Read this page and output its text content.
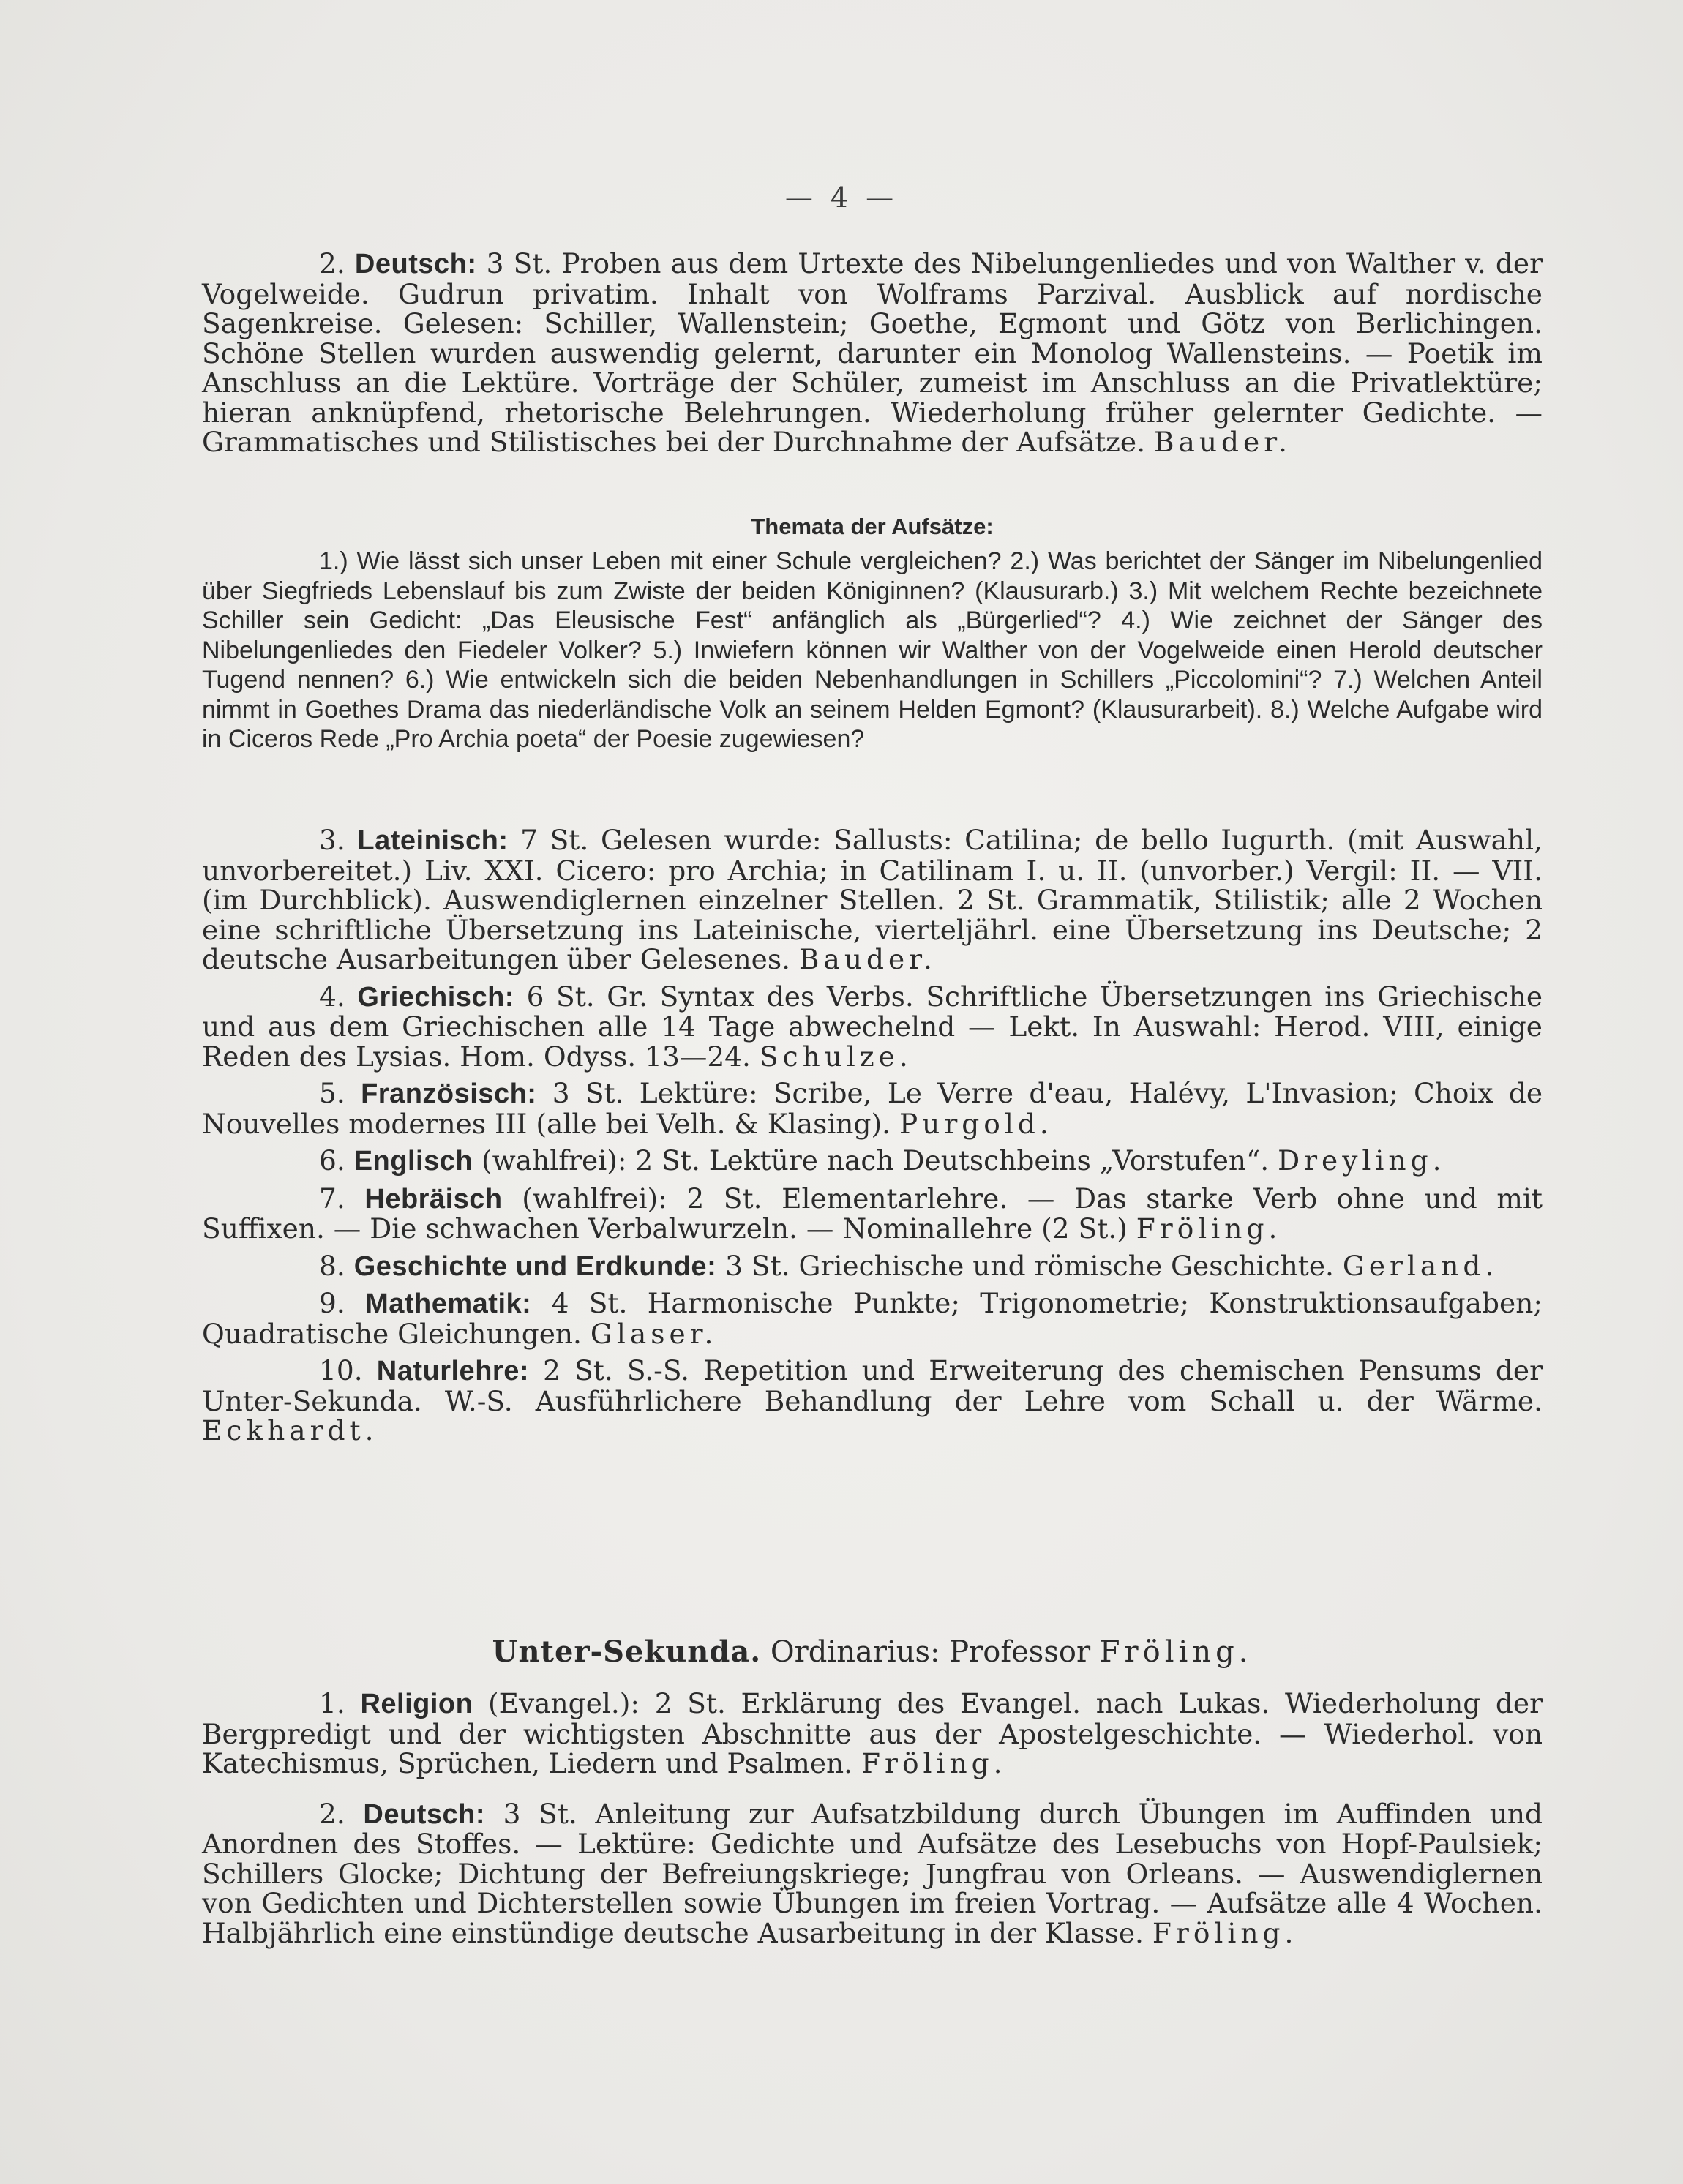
— 4 —

2. Deutsch: 3 St. Proben aus dem Urtexte des Nibelungenliedes und von Walther v. der Vogelweide. Gudrun privatim. Inhalt von Wolframs Parzival. Ausblick auf nordische Sagenkreise. Gelesen: Schiller, Wallenstein; Goethe, Egmont und Götz von Berlichingen. Schöne Stellen wurden auswendig gelernt, darunter ein Monolog Wallensteins. — Poetik im Anschluss an die Lektüre. Vorträge der Schüler, zumeist im Anschluss an die Privatlektüre; hieran anknüpfend, rhetorische Belehrungen. Wiederholung früher gelernter Gedichte. — Grammatisches und Stilistisches bei der Durchnahme der Aufsätze. Bauder.

Themata der Aufsätze:

1.) Wie lässt sich unser Leben mit einer Schule vergleichen? 2.) Was berichtet der Sänger im Nibelungenlied über Siegfrieds Lebenslauf bis zum Zwiste der beiden Königinnen? (Klausurarb.) 3.) Mit welchem Rechte bezeichnete Schiller sein Gedicht: „Das Eleusische Fest“ anfänglich als „Bürgerlied“? 4.) Wie zeichnet der Sänger des Nibelungenliedes den Fiedeler Volker? 5.) Inwiefern können wir Walther von der Vogelweide einen Herold deutscher Tugend nennen? 6.) Wie entwickeln sich die beiden Nebenhandlungen in Schillers „Piccolomini“? 7.) Welchen Anteil nimmt in Goethes Drama das niederländische Volk an seinem Helden Egmont? (Klausurarbeit). 8.) Welche Aufgabe wird in Ciceros Rede „Pro Archia poeta“ der Poesie zugewiesen?

3. Lateinisch: 7 St. Gelesen wurde: Sallusts: Catilina; de bello Iugurth. (mit Auswahl, unvorbereitet.) Liv. XXI. Cicero: pro Archia; in Catilinam I. u. II. (unvorber.) Vergil: II. — VII. (im Durchblick). Auswendiglernen einzelner Stellen. 2 St. Grammatik, Stilistik; alle 2 Wochen eine schriftliche Übersetzung ins Lateinische, vierteljährl. eine Übersetzung ins Deutsche; 2 deutsche Ausarbeitungen über Gelesenes. Bauder.

4. Griechisch: 6 St. Gr. Syntax des Verbs. Schriftliche Übersetzungen ins Griechische und aus dem Griechischen alle 14 Tage abwechelnd — Lekt. In Auswahl: Herod. VIII, einige Reden des Lysias. Hom. Odyss. 13—24. Schulze.

5. Französisch: 3 St. Lektüre: Scribe, Le Verre d'eau, Halévy, L'Invasion; Choix de Nouvelles modernes III (alle bei Velh. & Klasing). Purgold.

6. Englisch (wahlfrei): 2 St. Lektüre nach Deutschbeins „Vorstufen“. Dreyling.

7. Hebräisch (wahlfrei): 2 St. Elementarlehre. — Das starke Verb ohne und mit Suffixen. — Die schwachen Verbalwurzeln. — Nominallehre (2 St.) Fröling.

8. Geschichte und Erdkunde: 3 St. Griechische und römische Geschichte. Gerland.

9. Mathematik: 4 St. Harmonische Punkte; Trigonometrie; Konstruktionsaufgaben; Quadratische Gleichungen. Glaser.

10. Naturlehre: 2 St. S.-S. Repetition und Erweiterung des chemischen Pensums der Unter-Sekunda. W.-S. Ausführlichere Behandlung der Lehre vom Schall u. der Wärme. Eckhardt.

Unter-Sekunda. Ordinarius: Professor Fröling.

1. Religion (Evangel.): 2 St. Erklärung des Evangel. nach Lukas. Wiederholung der Bergpredigt und der wichtigsten Abschnitte aus der Apostelgeschichte. — Wiederhol. von Katechismus, Sprüchen, Liedern und Psalmen. Fröling.

2. Deutsch: 3 St. Anleitung zur Aufsatzbildung durch Übungen im Auffinden und Anordnen des Stoffes. — Lektüre: Gedichte und Aufsätze des Lesebuchs von Hopf-Paulsiek; Schillers Glocke; Dichtung der Befreiungskriege; Jungfrau von Orleans. — Auswendiglernen von Gedichten und Dichterstellen sowie Übungen im freien Vortrag. — Aufsätze alle 4 Wochen. Halbjährlich eine einstündige deutsche Ausarbeitung in der Klasse. Fröling.
